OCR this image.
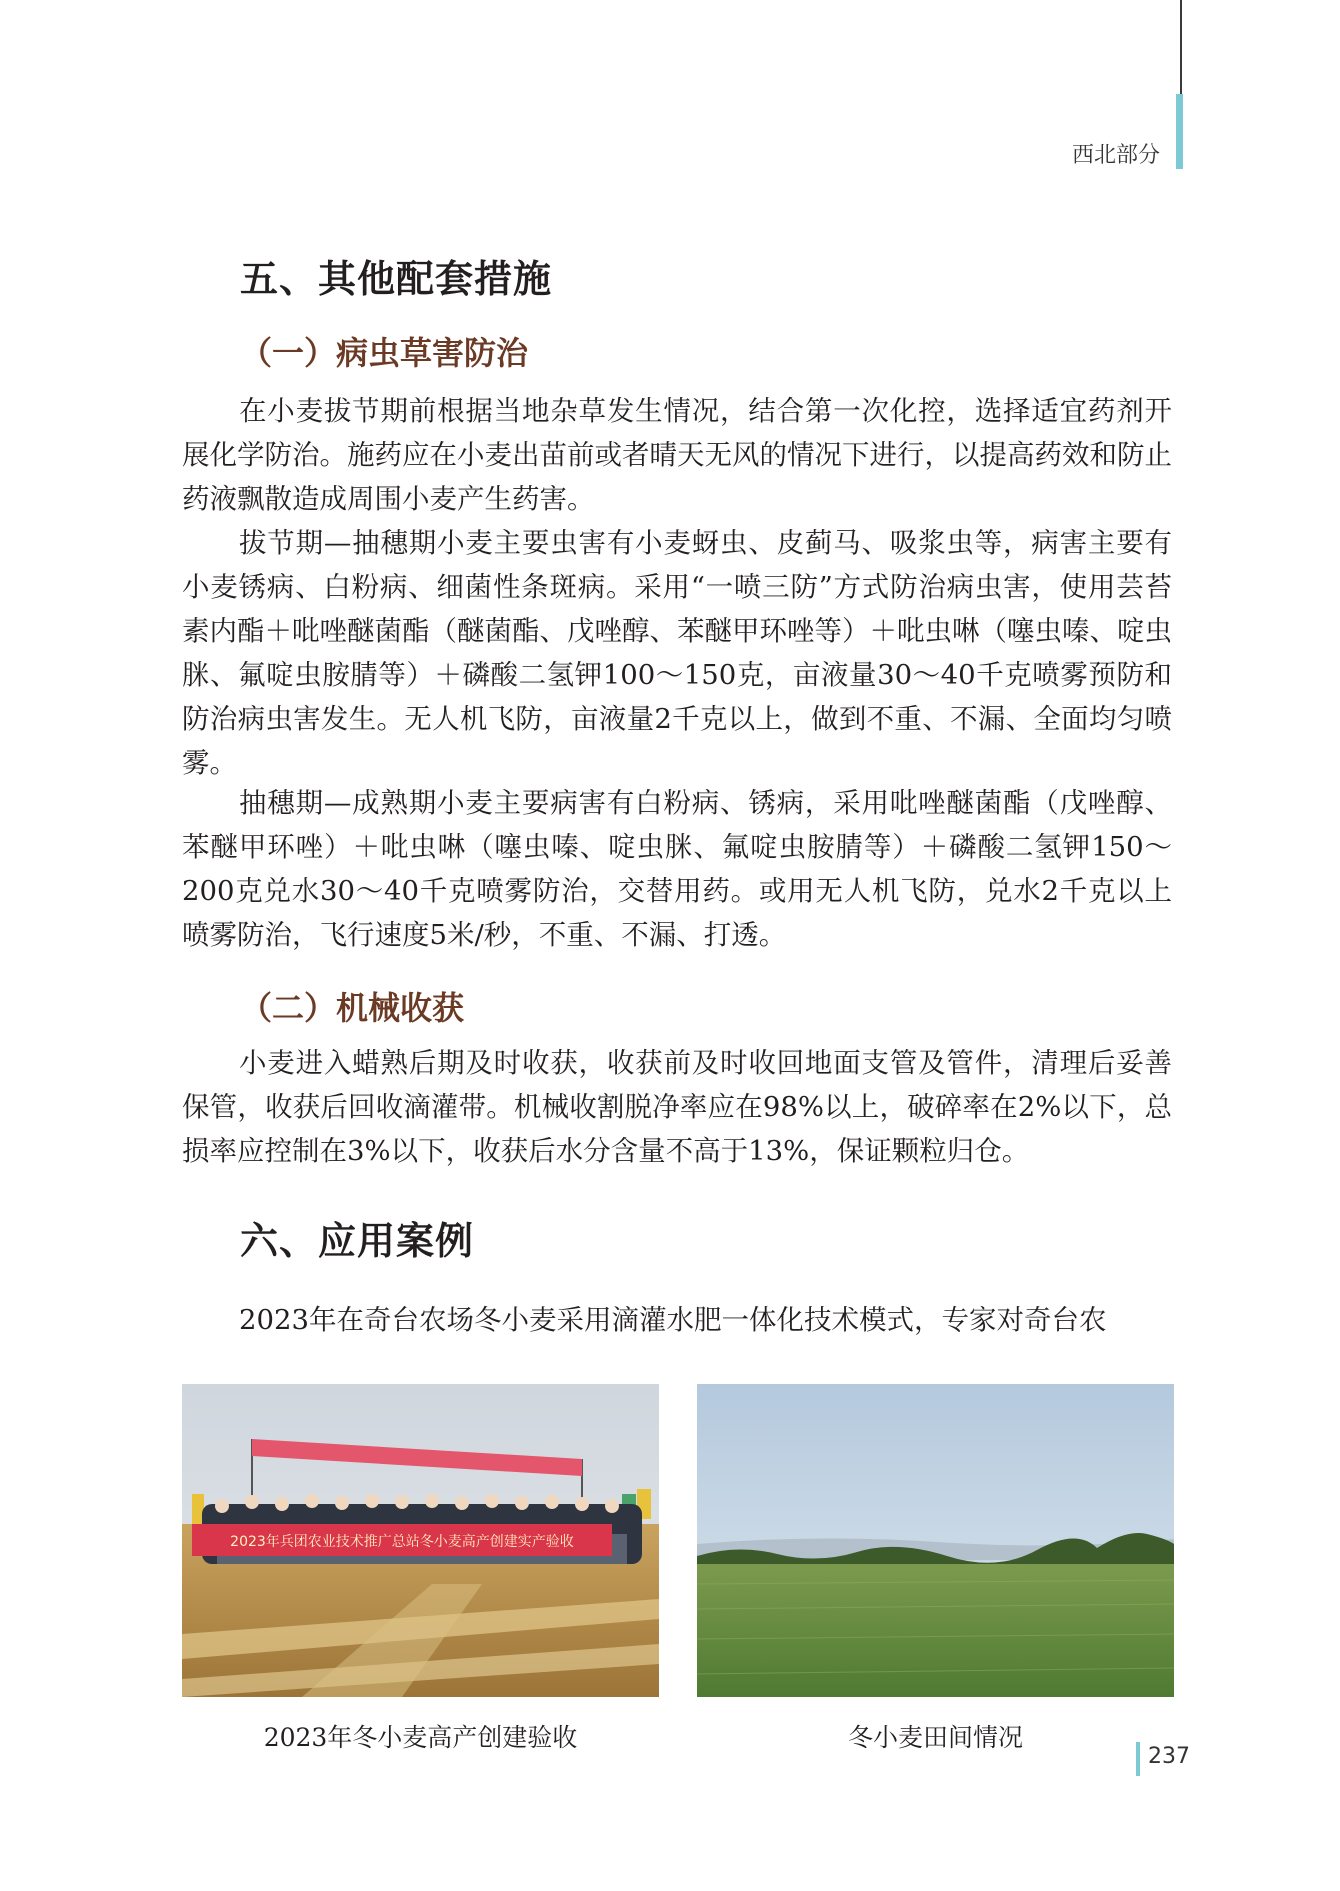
西北部分
五、其他配套措施
（一）病虫草害防治

在小麦拔节期前根据当地杂草发生情况，结合第一次化控，选择适宜药剂开展化学防治。施药应在小麦出苗前或者晴天无风的情况下进行，以提高药效和防止药液飘散造成周围小麦产生药害。

拔节期—抽穗期小麦主要虫害有小麦蚜虫、皮蓟马、吸浆虫等，病害主要有小麦锈病、白粉病、细菌性条斑病。采用“一喷三防”方式防治病虫害，使用芸苔素内酯＋吡唑醚菌酯（醚菌酯、戊唑醇、苯醚甲环唑等）＋吡虫啉（噻虫嗪、啶虫脒、氟啶虫胺腈等）＋磷酸二氢钾100～150克，亩液量30～40千克喷雾预防和防治病虫害发生。无人机飞防，亩液量2千克以上，做到不重、不漏、全面均匀喷雾。

抽穗期—成熟期小麦主要病害有白粉病、锈病，采用吡唑醚菌酯（戊唑醇、苯醚甲环唑）＋吡虫啉（噻虫嗪、啶虫脒、氟啶虫胺腈等）＋磷酸二氢钾150～200克兑水30～40千克喷雾防治，交替用药。或用无人机飞防，兑水2千克以上喷雾防治，飞行速度5米/秒，不重、不漏、打透。

（二）机械收获

小麦进入蜡熟后期及时收获，收获前及时收回地面支管及管件，清理后妥善保管，收获后回收滴灌带。机械收割脱净率应在98%以上，破碎率在2%以下，总损率应控制在3%以下，收获后水分含量不高于13%，保证颗粒归仓。

六、应用案例

2023年在奇台农场冬小麦采用滴灌水肥一体化技术模式，专家对奇台农

2023年兵团农业技术推广总站冬小麦高产创建实产验收
2023年冬小麦高产创建验收	冬小麦田间情况
237
